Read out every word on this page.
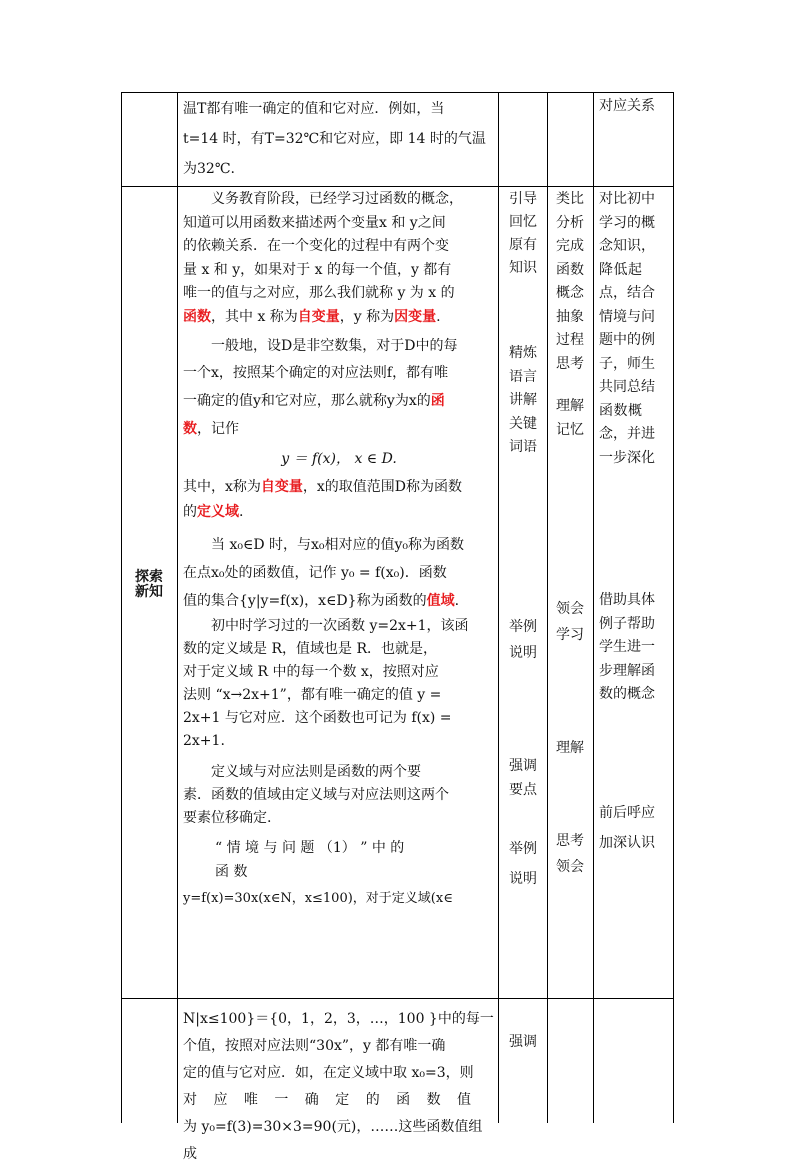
温T都有唯一确定的值和它对应．例如，当

t=14 时，有T=32℃和它对应，即 14 时的气温

为32℃.

对应关系
探索新知

义务教育阶段，已经学习过函数的概念，

知道可以用函数来描述两个变量x 和 y之间

的依赖关系．在一个变化的过程中有两个变

量 x 和 y，如果对于 x 的每一个值，y 都有

唯一的值与之对应，那么我们就称 y 为 x 的

函数，其中 x 称为自变量，y 称为因变量.

一般地，设D是非空数集，对于D中的每

一个x，按照某个确定的对应法则f，都有唯

一确定的值y和它对应，那么就称y为x的函

数，记作

y ＝ f(x)， x ∈ D.

其中，x称为自变量，x的取值范围D称为函数

的定义域.

当 x₀∈D 时，与x₀相对应的值y₀称为函数

在点x₀处的函数值，记作 y₀ = f(x₀)．函数

值的集合{y|y=f(x)，x∈D}称为函数的值域.

初中时学习过的一次函数 y=2x+1，该函

数的定义域是 R，值域也是 R．也就是，

对于定义域 R 中的每一个数 x，按照对应

法则 “x→2x+1”，都有唯一确定的值 y =

2x+1 与它对应．这个函数也可记为 f(x) =

2x+1.

定义域与对应法则是函数的两个要

素．函数的值域由定义域与对应法则这两个

要素位移确定.

“ 情 境 与 问 题 （1） ” 中 的

函 数

y=f(x)=30x(x∈N，x≤100)，对于定义域(x∈

引导
回忆
原有
知识
精炼
语言
讲解
关键
词语
举例
说明
强调
要点
举例
说明
类比
分析
完成
函数
概念
抽象
过程
思考
理解
记忆
领会
学习
理解
思考
领会
对比初中
学习的概
念知识，
降低起
点，结合
情境与问
题中的例
子，师生
共同总结
函数概
念，并进
一步深化
借助具体
例子帮助
学生进一
步理解函
数的概念
前后呼应
加深认识

N|x≤100}＝{0，1，2，3，…，100 }中的每一

个值，按照对应法则“30x”，y 都有唯一确

定的值与它对应．如，在定义域中取 x₀=3，则

对 应 唯 一 确 定 的 函 数 值

为 y₀=f(3)=30×3=90(元)，……这些函数值组成

强调
